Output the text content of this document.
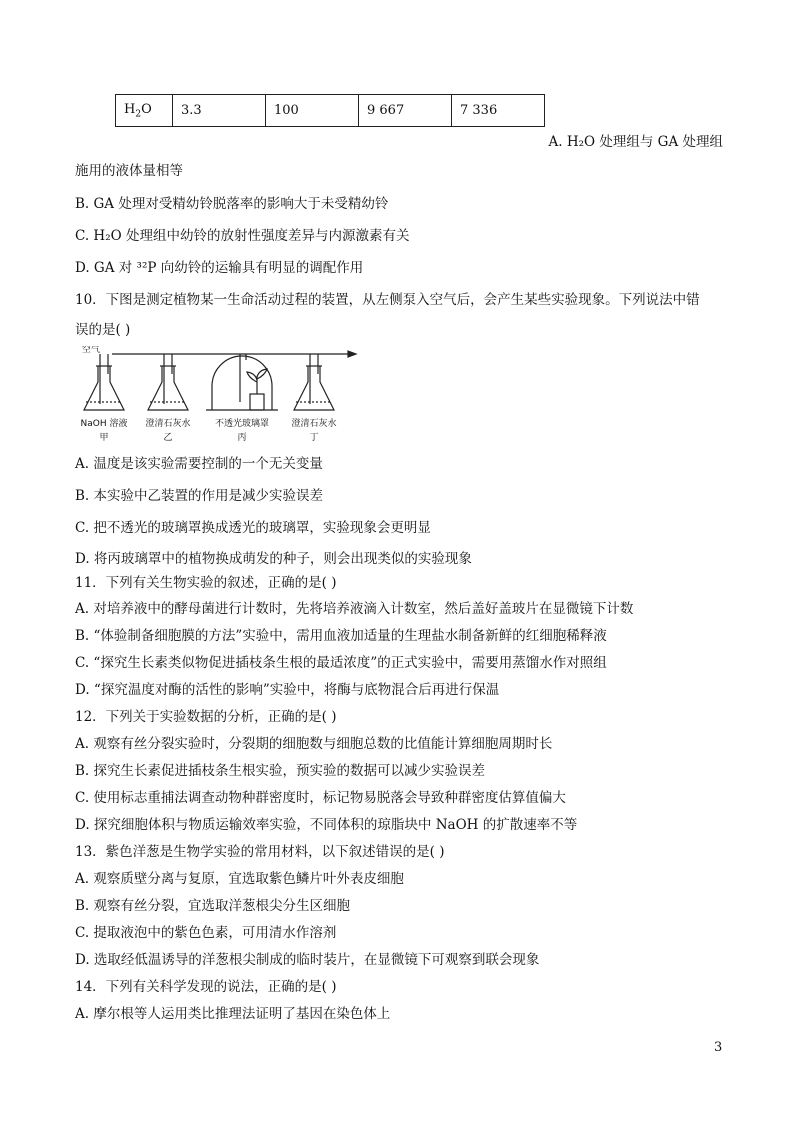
$H_2O$	3.3	100	9 667	7 336
A. H₂O 处理组与 GA 处理组
施用的液体量相等
B. GA 处理对受精幼铃脱落率的影响大于未受精幼铃
C. H₂O 处理组中幼铃的放射性强度差异与内源激素有关
D. GA 对 ³²P 向幼铃的运输具有明显的调配作用
10．下图是测定植物某一生命活动过程的装置，从左侧泵入空气后，会产生某些实验现象。下列说法中错
误的是( )
空气
NaOH 溶液 澄清石灰水	不透光玻璃罩 澄清石灰水
甲	乙	丙	丁
A. 温度是该实验需要控制的一个无关变量
B. 本实验中乙装置的作用是减少实验误差
C. 把不透光的玻璃罩换成透光的玻璃罩，实验现象会更明显
D. 将丙玻璃罩中的植物换成萌发的种子，则会出现类似的实验现象
11．下列有关生物实验的叙述，正确的是( )
A. 对培养液中的酵母菌进行计数时，先将培养液滴入计数室，然后盖好盖玻片在显微镜下计数
B. “体验制备细胞膜的方法”实验中，需用血液加适量的生理盐水制备新鲜的红细胞稀释液
C. “探究生长素类似物促进插枝条生根的最适浓度”的正式实验中，需要用蒸馏水作对照组
D. “探究温度对酶的活性的影响”实验中，将酶与底物混合后再进行保温
12．下列关于实验数据的分析，正确的是( )
A. 观察有丝分裂实验时，分裂期的细胞数与细胞总数的比值能计算细胞周期时长
B. 探究生长素促进插枝条生根实验，预实验的数据可以减少实验误差
C. 使用标志重捕法调查动物种群密度时，标记物易脱落会导致种群密度估算值偏大
D. 探究细胞体积与物质运输效率实验，不同体积的琼脂块中 NaOH 的扩散速率不等
13．紫色洋葱是生物学实验的常用材料，以下叙述错误的是( )
A. 观察质壁分离与复原，宜选取紫色鳞片叶外表皮细胞
B. 观察有丝分裂，宜选取洋葱根尖分生区细胞
C. 提取液泡中的紫色色素，可用清水作溶剂
D. 选取经低温诱导的洋葱根尖制成的临时装片，在显微镜下可观察到联会现象
14．下列有关科学发现的说法，正确的是( )
A. 摩尔根等人运用类比推理法证明了基因在染色体上
3
